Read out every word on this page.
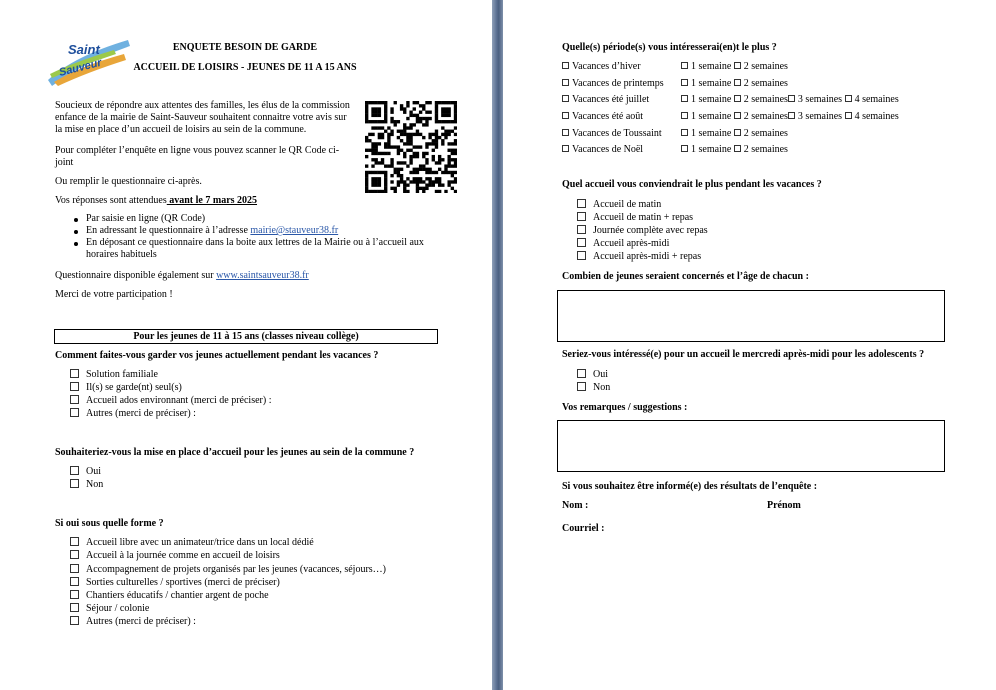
Saint
Sauveur
ENQUETE BESOIN DE GARDE
ACCUEIL DE LOISIRS - JEUNES DE 11 A 15 ANS
Soucieux de répondre aux attentes des familles, les élus de la commission
enfance de la mairie de Saint-Sauveur souhaitent connaitre votre avis sur
la mise en place d’un accueil de loisirs au sein de la commune.
Pour compléter l’enquête en ligne vous pouvez scanner le QR Code ci-
joint
Ou remplir le questionnaire ci-après.
Vos réponses sont attendues avant le 7 mars 2025
Par saisie en ligne (QR Code)
En adressant le questionnaire à l’adresse mairie@stauveur38.fr
En déposant ce questionnaire dans la boite aux lettres de la Mairie ou à l’accueil aux
horaires habituels
Questionnaire disponible également sur www.saintsauveur38.fr
Merci de votre participation !
Pour les jeunes de 11 à 15 ans (classes niveau collège)
Comment faites-vous garder vos jeunes actuellement pendant les vacances ?
Solution familiale
Il(s) se garde(nt) seul(s)
Accueil ados environnant (merci de préciser) :
Autres (merci de préciser) :
Souhaiteriez-vous la mise en place d’accueil pour les jeunes au sein de la commune ?
Oui
Non
Si oui sous quelle forme ?
Accueil libre avec un animateur/trice dans un local dédié
Accueil à la journée comme en accueil de loisirs
Accompagnement de projets organisés par les jeunes (vacances, séjours…)
Sorties culturelles / sportives (merci de préciser)
Chantiers éducatifs / chantier argent de poche
Séjour / colonie
Autres (merci de préciser) :
Quelle(s) période(s) vous intéresserai(en)t le plus ?
Vacances d’hiver	1 semaine 2 semaines
Vacances de printemps	1 semaine 2 semaines
Vacances été juillet	1 semaine 2 semaines 3 semaines 4 semaines
Vacances été août	1 semaine 2 semaines 3 semaines 4 semaines
Vacances de Toussaint	1 semaine 2 semaines
Vacances de Noël	1 semaine 2 semaines
Quel accueil vous conviendrait le plus pendant les vacances ?
Accueil de matin
Accueil de matin + repas
Journée complète avec repas
Accueil après-midi
Accueil après-midi + repas
Combien de jeunes seraient concernés et l’âge de chacun :
Seriez-vous intéressé(e) pour un accueil le mercredi après-midi pour les adolescents ?
Oui
Non
Vos remarques / suggestions :
Si vous souhaitez être informé(e) des résultats de l’enquête :
Nom :	Prénom
Courriel :
